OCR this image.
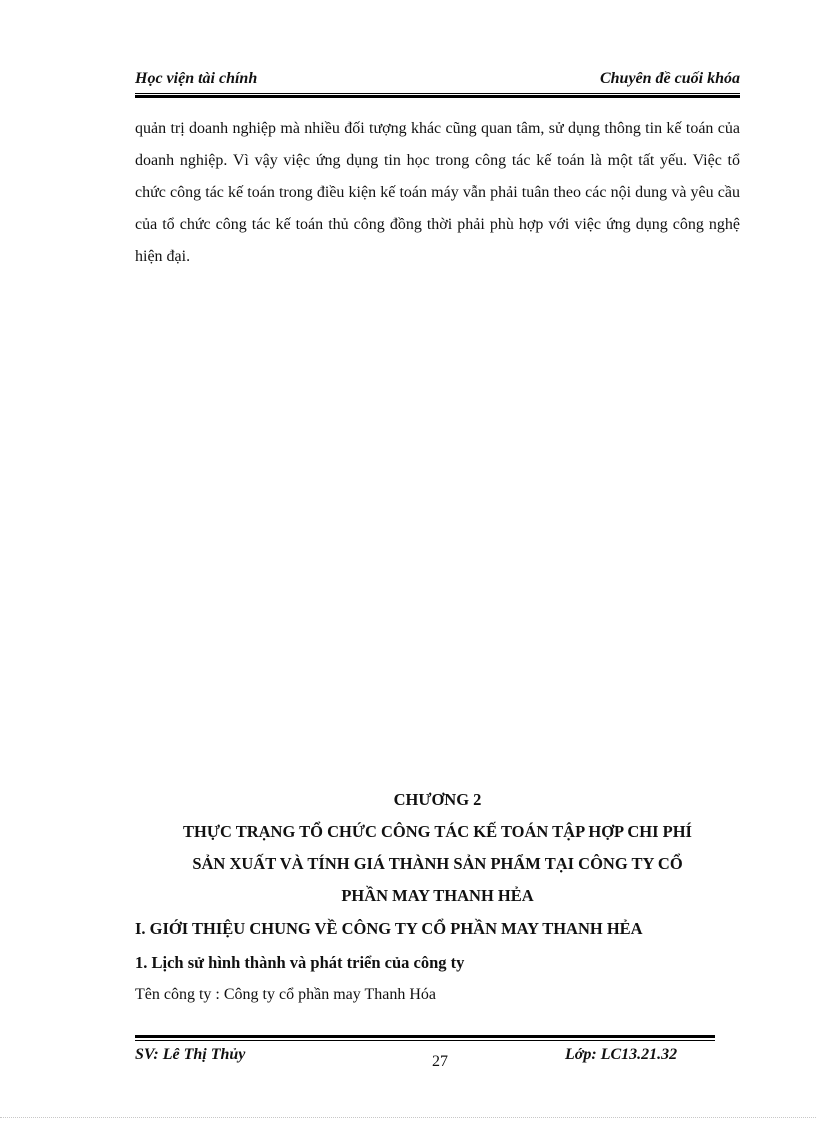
Học viện tài chính	Chuyên đề cuối khóa

quản trị doanh nghiệp mà nhiều đối tượng khác cũng quan tâm, sử dụng thông tin kế toán của doanh nghiệp. Vì vậy việc ứng dụng tin học trong công tác kế toán là một tất yếu. Việc tổ chức công tác kế toán trong điều kiện kế toán máy vẫn phải tuân theo các nội dung và yêu cầu của tổ chức công tác kế toán thủ công đồng thời phải phù hợp với việc ứng dụng công nghệ hiện đại.

CHƯƠNG 2

THỰC TRẠNG TỔ CHỨC CÔNG TÁC KẾ TOÁN TẬP HỢP CHI PHÍ

SẢN XUẤT VÀ TÍNH GIÁ THÀNH SẢN PHẨM TẠI CÔNG TY CỔ

PHẦN MAY THANH HẺA

I. GIỚI THIỆU CHUNG VỀ CÔNG TY CỔ PHẦN MAY THANH HẺA

1. Lịch sử hình thành và phát triển của công ty

Tên công ty : Công ty cổ phần may Thanh Hóa

SV: Lê Thị Thủy	27	Lớp: LC13.21.32
